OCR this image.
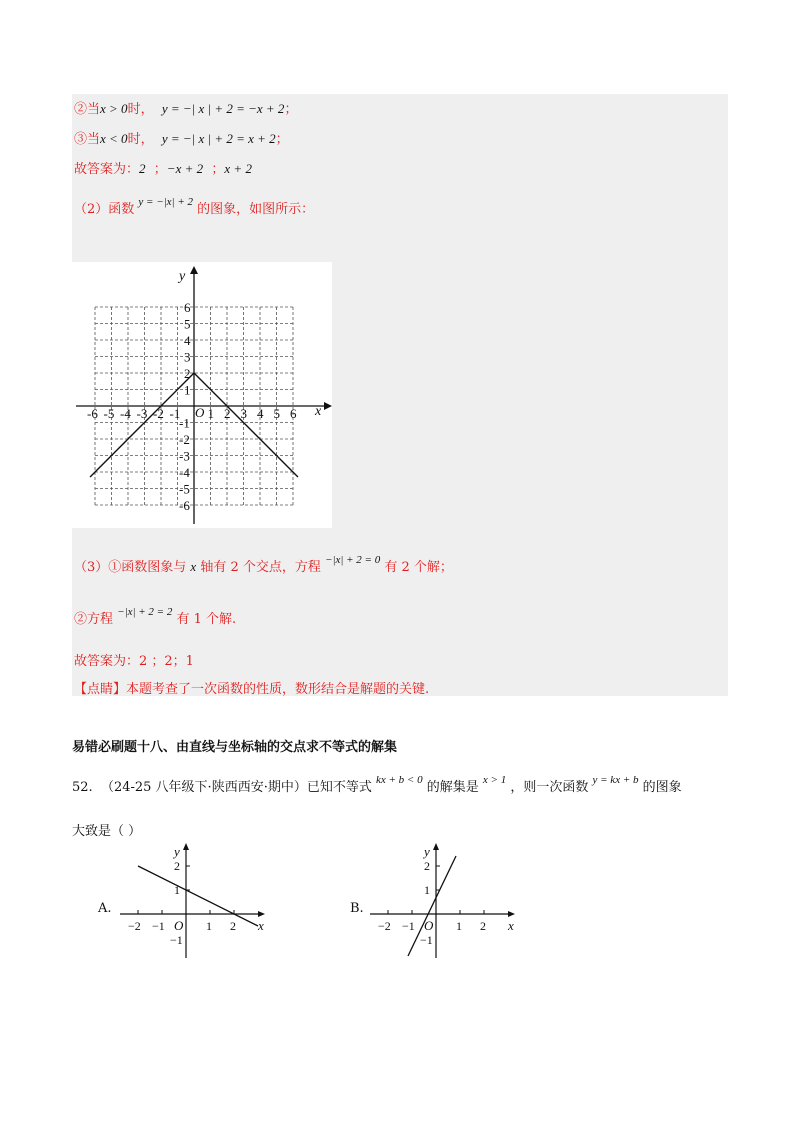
②当x > 0时， y = −| x | + 2 = −x + 2；
③当x < 0时， y = −| x | + 2 = x + 2；
故答案为：2 ；−x + 2 ；x + 2
（2）函数 $^{y = -|x| + 2}$ 的图象，如图所示：
-6 -5 -4 -3 -2 -1 1 2 3 4 5 6
6
5
4
3
2
1
-1
-2
-3
-4
-5
-6
x
y
O
（3）①函数图象与 x 轴有 2 个交点，方程 $^{-|x| + 2 = 0}$ 有 2 个解；
②方程 $^{-|x| + 2 = 2}$ 有 1 个解.
故答案为：2 ；2；1
【点睛】本题考查了一次函数的性质，数形结合是解题的关键.
易错必刷题十八、由直线与坐标轴的交点求不等式的解集
52. （24-25 八年级下·陕西西安·期中）已知不等式 $^{kx + b < 0}$ 的解集是 $^{x > 1}$ ，则一次函数 $^{y = kx + b}$ 的图象
大致是（ ）
A.
x
y
O
−2 −1	1 2
2
1
−1
B.
x
y
O
−2 −1	1 2
2
1
−1
